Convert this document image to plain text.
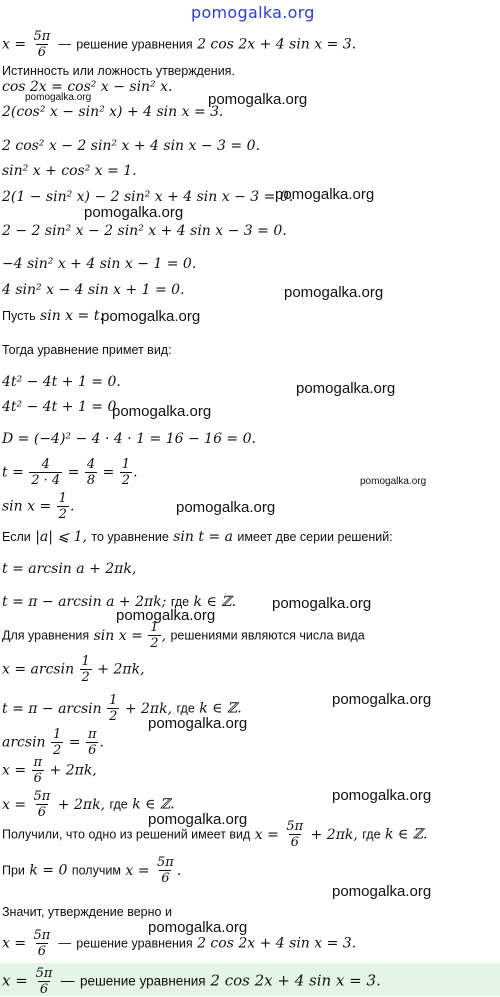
pomogalka.org
$x = \frac{5\pi}{6}$ — решение уравнения 2 cos 2x + 4 sin x = 3.
Истинность или ложность утверждения.
cos 2x = cos² x − sin² x.
pomogalka.org
2(cos² x − sin² x) + 4 sin x = 3.
pomogalka.org
2 cos² x − 2 sin² x + 4 sin x − 3 = 0.
sin² x + cos² x = 1.
2(1 − sin² x) − 2 sin² x + 4 sin x − 3 = 0.
pomogalka.org
pomogalka.org
2 − 2 sin² x − 2 sin² x + 4 sin x − 3 = 0.
−4 sin² x + 4 sin x − 1 = 0.
4 sin² x − 4 sin x + 1 = 0.	pomogalka.org
Пусть sin x = t.
pomogalka.org
Тогда уравнение примет вид:
4t² − 4t + 1 = 0.	pomogalka.org
4t² − 4t + 1 = 0
pomogalka.org
D = (−4)² − 4 · 4 · 1 = 16 − 16 = 0.
$t = \frac{4}{2 \cdot 4} = \frac{4}{8} = \frac{1}{2}$ .
pomogalka.org
$\sin x = \frac{1}{2}$ .	pomogalka.org
Если |a| ⩽ 1, то уравнение sin t = a имеет две серии решений:
t = arcsin a + 2πk,
t = π − arcsin a + 2πk; где k ∈ ℤ. pomogalka.org
Для уравнения $\sin x = \frac{1}{2}$ , решениями являются числа вида
pomogalka.org
$x = \arcsin \frac{1}{2} + 2\pi k$,
pomogalka.org
$t = \pi - \arcsin \frac{1}{2} + 2\pi k$, где k ∈ ℤ.
pomogalka.org
$\arcsin \frac{1}{2} = \frac{\pi}{6}$ .
$x = \frac{\pi}{6} + 2\pi k$,
pomogalka.org
$x = \frac{5\pi}{6} + 2\pi k$, где k ∈ ℤ.
pomogalka.org
Получили, что одно из решений имеет вид $x = \frac{5\pi}{6} + 2\pi k$, где k ∈ ℤ.
При k = 0 получим $x = \frac{5\pi}{6}$ .
pomogalka.org
Значит, утверждение верно и
pomogalka.org
$x = \frac{5\pi}{6}$ — решение уравнения 2 cos 2x + 4 sin x = 3.
$x = \frac{5\pi}{6}$ — решение уравнения 2 cos 2x + 4 sin x = 3.
